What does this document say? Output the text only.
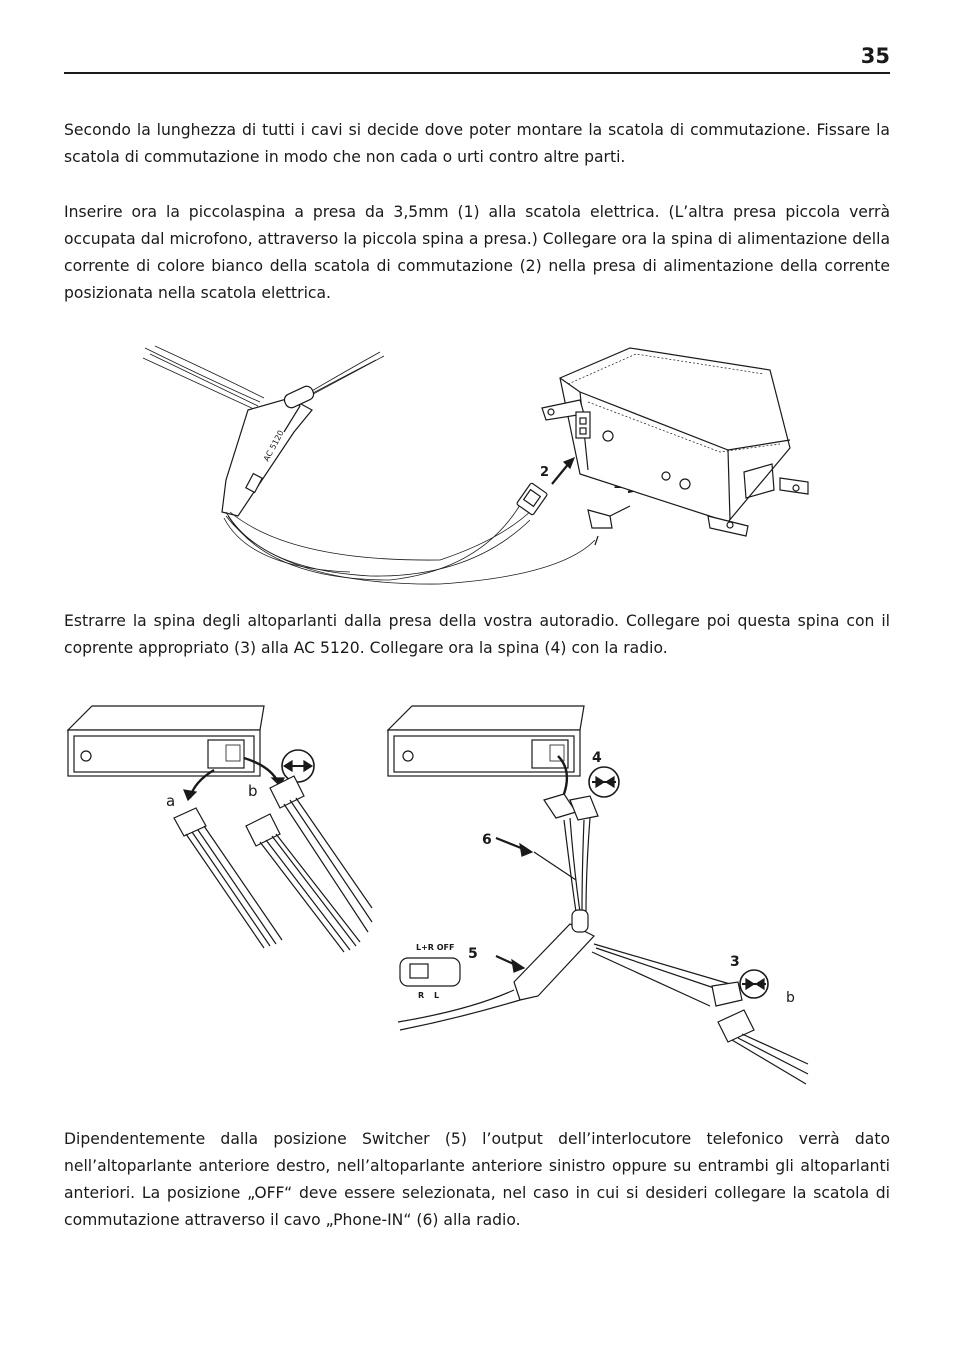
35

Secondo la lunghezza di tutti i cavi si decide dove poter montare la scatola di commutazione. Fissare la scatola di commutazione in modo che non cada o urti contro altre parti.

Inserire ora la piccolaspina a presa da 3,5mm (1) alla scatola elettrica. (L’altra presa piccola verrà occupata dal microfono, attraverso la piccola spina a presa.) Collegare ora la spina di alimentazione della corrente di colore bianco della scatola di commutazione (2) nella presa di alimentazione della corrente posizionata nella scatola elettrica.

AC 5120
2

Estrarre la spina degli altoparlanti dalla presa della vostra autoradio. Collegare poi questa spina con il coprente appropriato (3) alla AC 5120. Collegare ora la spina (4) con la radio.

a
b
4
6
5
L+R OFF
R L
3
b

Dipendentemente dalla posizione Switcher (5) l’output dell’interlocutore telefonico verrà dato nell’altoparlante anteriore destro, nell’altoparlante anteriore sinistro oppure su entrambi gli altoparlanti anteriori. La posizione „OFF“ deve essere selezionata, nel caso in cui si desideri collegare la scatola di commutazione attraverso il cavo „Phone-IN“ (6) alla radio.
